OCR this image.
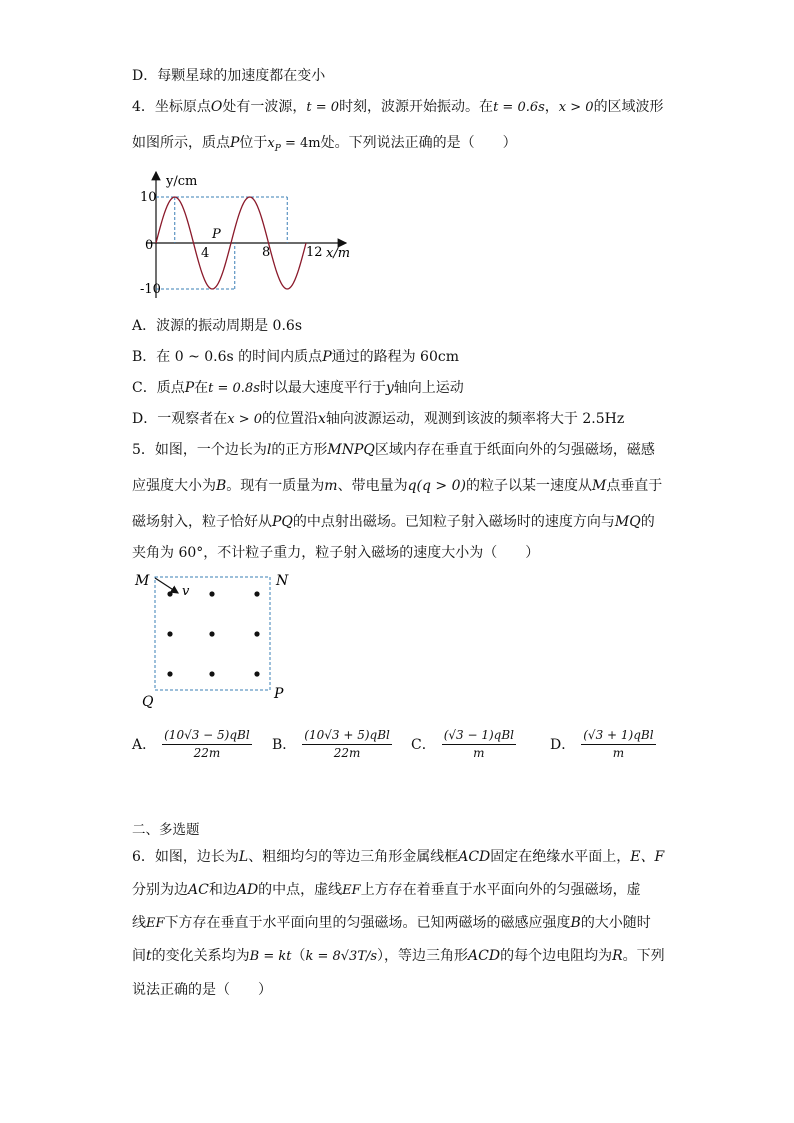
D．每颗星球的加速度都在变小
4．坐标原点O处有一波源，t = 0时刻，波源开始振动。在t = 0.6s，x > 0的区域波形
如图所示，质点P位于$x_P = 4m$处。下列说法正确的是（　　）
y/cm
10
-10
0
4	8	12 x/m
P
A．波源的振动周期是 0.6s
B．在 0 ~ 0.6s 的时间内质点P通过的路程为 60cm
C．质点P在t = 0.8s时以最大速度平行于y轴向上运动
D．一观察者在x > 0的位置沿x轴向波源运动，观测到该波的频率将大于 2.5Hz
5．如图，一个边长为l的正方形MNPQ区域内存在垂直于纸面向外的匀强磁场，磁感
应强度大小为B。现有一质量为m、带电量为q(q > 0)的粒子以某一速度从M点垂直于
磁场射入，粒子恰好从PQ的中点射出磁场。已知粒子射入磁场时的速度方向与MQ的
夹角为 60°，不计粒子重力，粒子射入磁场的速度大小为（　　）
M
v
N
Q	P
A． $\frac{\text{(10√3 − 5)qBl}}{22m}$ B． $\frac{\text{(10√3 + 5)qBl}}{22m}$ C． $\frac{\text{(√3 − 1)qBl}}{m}$ D． $\frac{\text{(√3 + 1)qBl}}{m}$
二、多选题
6．如图，边长为L、粗细均匀的等边三角形金属线框ACD固定在绝缘水平面上，E、F
分别为边AC和边AD的中点，虚线EF上方存在着垂直于水平面向外的匀强磁场，虚
线EF下方存在垂直于水平面向里的匀强磁场。已知两磁场的磁感应强度B的大小随时
间t的变化关系均为B = kt（k = 8√3T/s），等边三角形ACD的每个边电阻均为R。下列
说法正确的是（　　）
